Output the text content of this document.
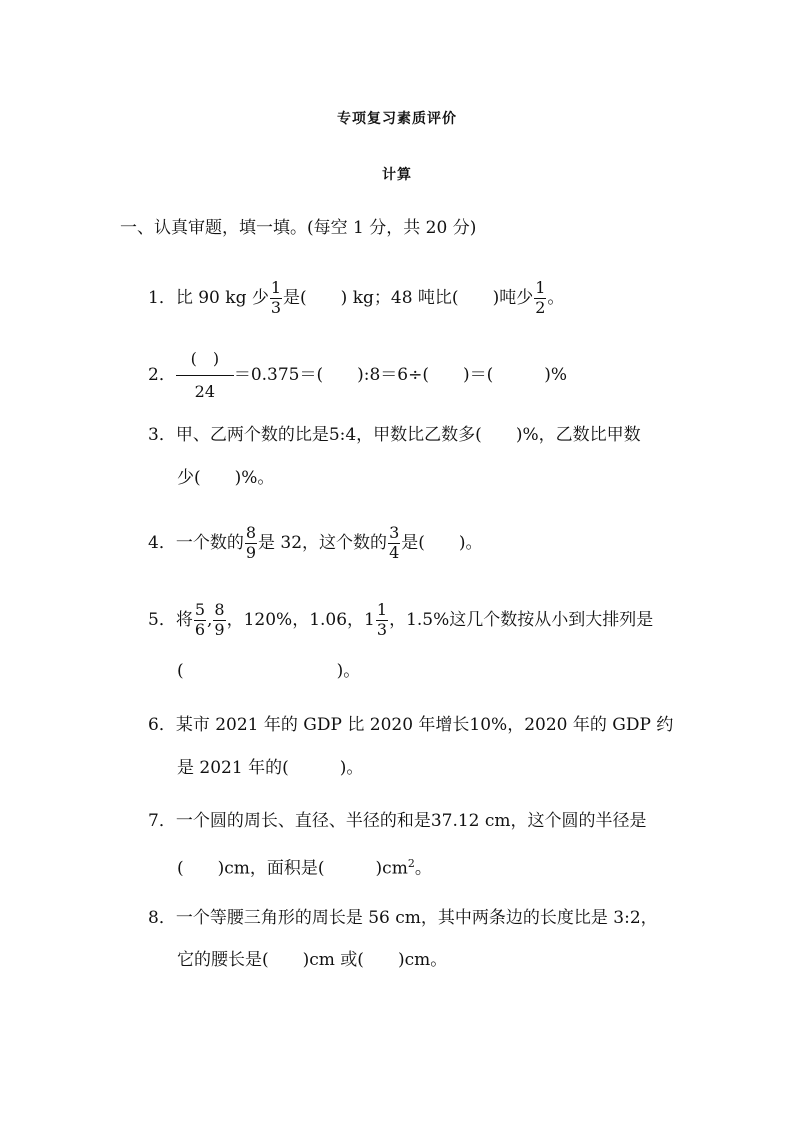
专项复习素质评价
计算
一、认真审题，填一填。(每空 1 分，共 20 分)
1．比 90 kg 少 $\frac{1}{3}$ 是(　　) kg；48 吨比(　　)吨少 $\frac{1}{2}$ 。
2．
(　)
24
＝0.375＝(　　):8＝6÷(　　)＝(　　　)%
3．甲、乙两个数的比是5:4，甲数比乙数多(　　)%，乙数比甲数
少(　　)%。
4．一个数的 $\frac{8}{9}$ 是 32，这个数的 $\frac{3}{4}$ 是(　　)。
5．将 $\frac{5}{6}$ , $\frac{8}{9}$ ，120%，1.06，$1 \frac{1}{3}$ ，1.5%这几个数按从小到大排列是
(　　　　　　　　　)。
6．某市 2021 年的 GDP 比 2020 年增长10%，2020 年的 GDP 约
是 2021 年的(　　　)。
7．一个圆的周长、直径、半径的和是37.12 cm，这个圆的半径是
(　　)cm，面积是(　　　)$cm^2$。
8．一个等腰三角形的周长是 56 cm，其中两条边的长度比是 3:2，
它的腰长是(　　)cm 或(　　)cm。
